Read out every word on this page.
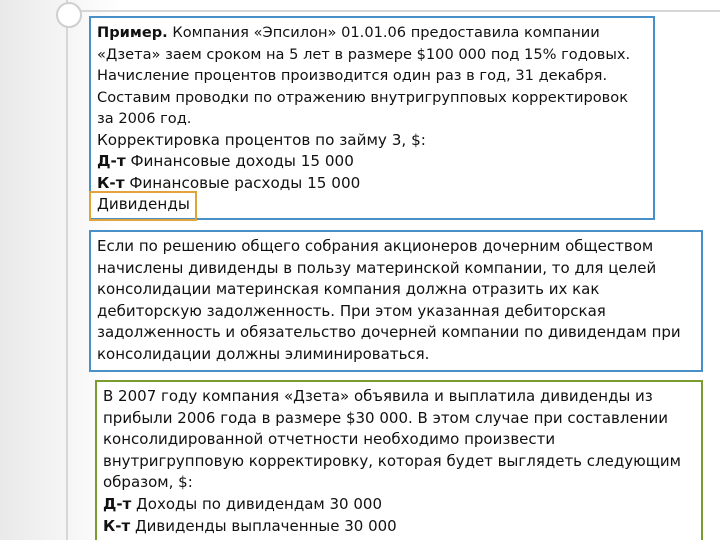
Пример. Компания «Эпсилон» 01.01.06 предоставила компании «Дзета» заем сроком на 5 лет в размере $100 000 под 15% годовых. Начисление процентов производится один раз в год, 31 декабря. Составим проводки по отражению внутригрупповых корректировок за 2006 год.

Корректировка процентов по займу 3, $:

Д-т Финансовые доходы 15 000

К-т Финансовые расходы 15 000

Дивиденды

Если по решению общего собрания акционеров дочерним обществом начислены дивиденды в пользу материнской компании, то для целей консолидации материнская компания должна отразить их как дебиторскую задолженность. При этом указанная дебиторская задолженность и обязательство дочерней компании по дивидендам при консолидации должны элиминироваться.

В 2007 году компания «Дзета» объявила и выплатила дивиденды из прибыли 2006 года в размере $30 000. В этом случае при составлении консолидированной отчетности необходимо произвести внутригрупповую корректировку, которая будет выглядеть следующим образом, $:

Д-т Доходы по дивидендам 30 000

К-т Дивиденды выплаченные 30 000
